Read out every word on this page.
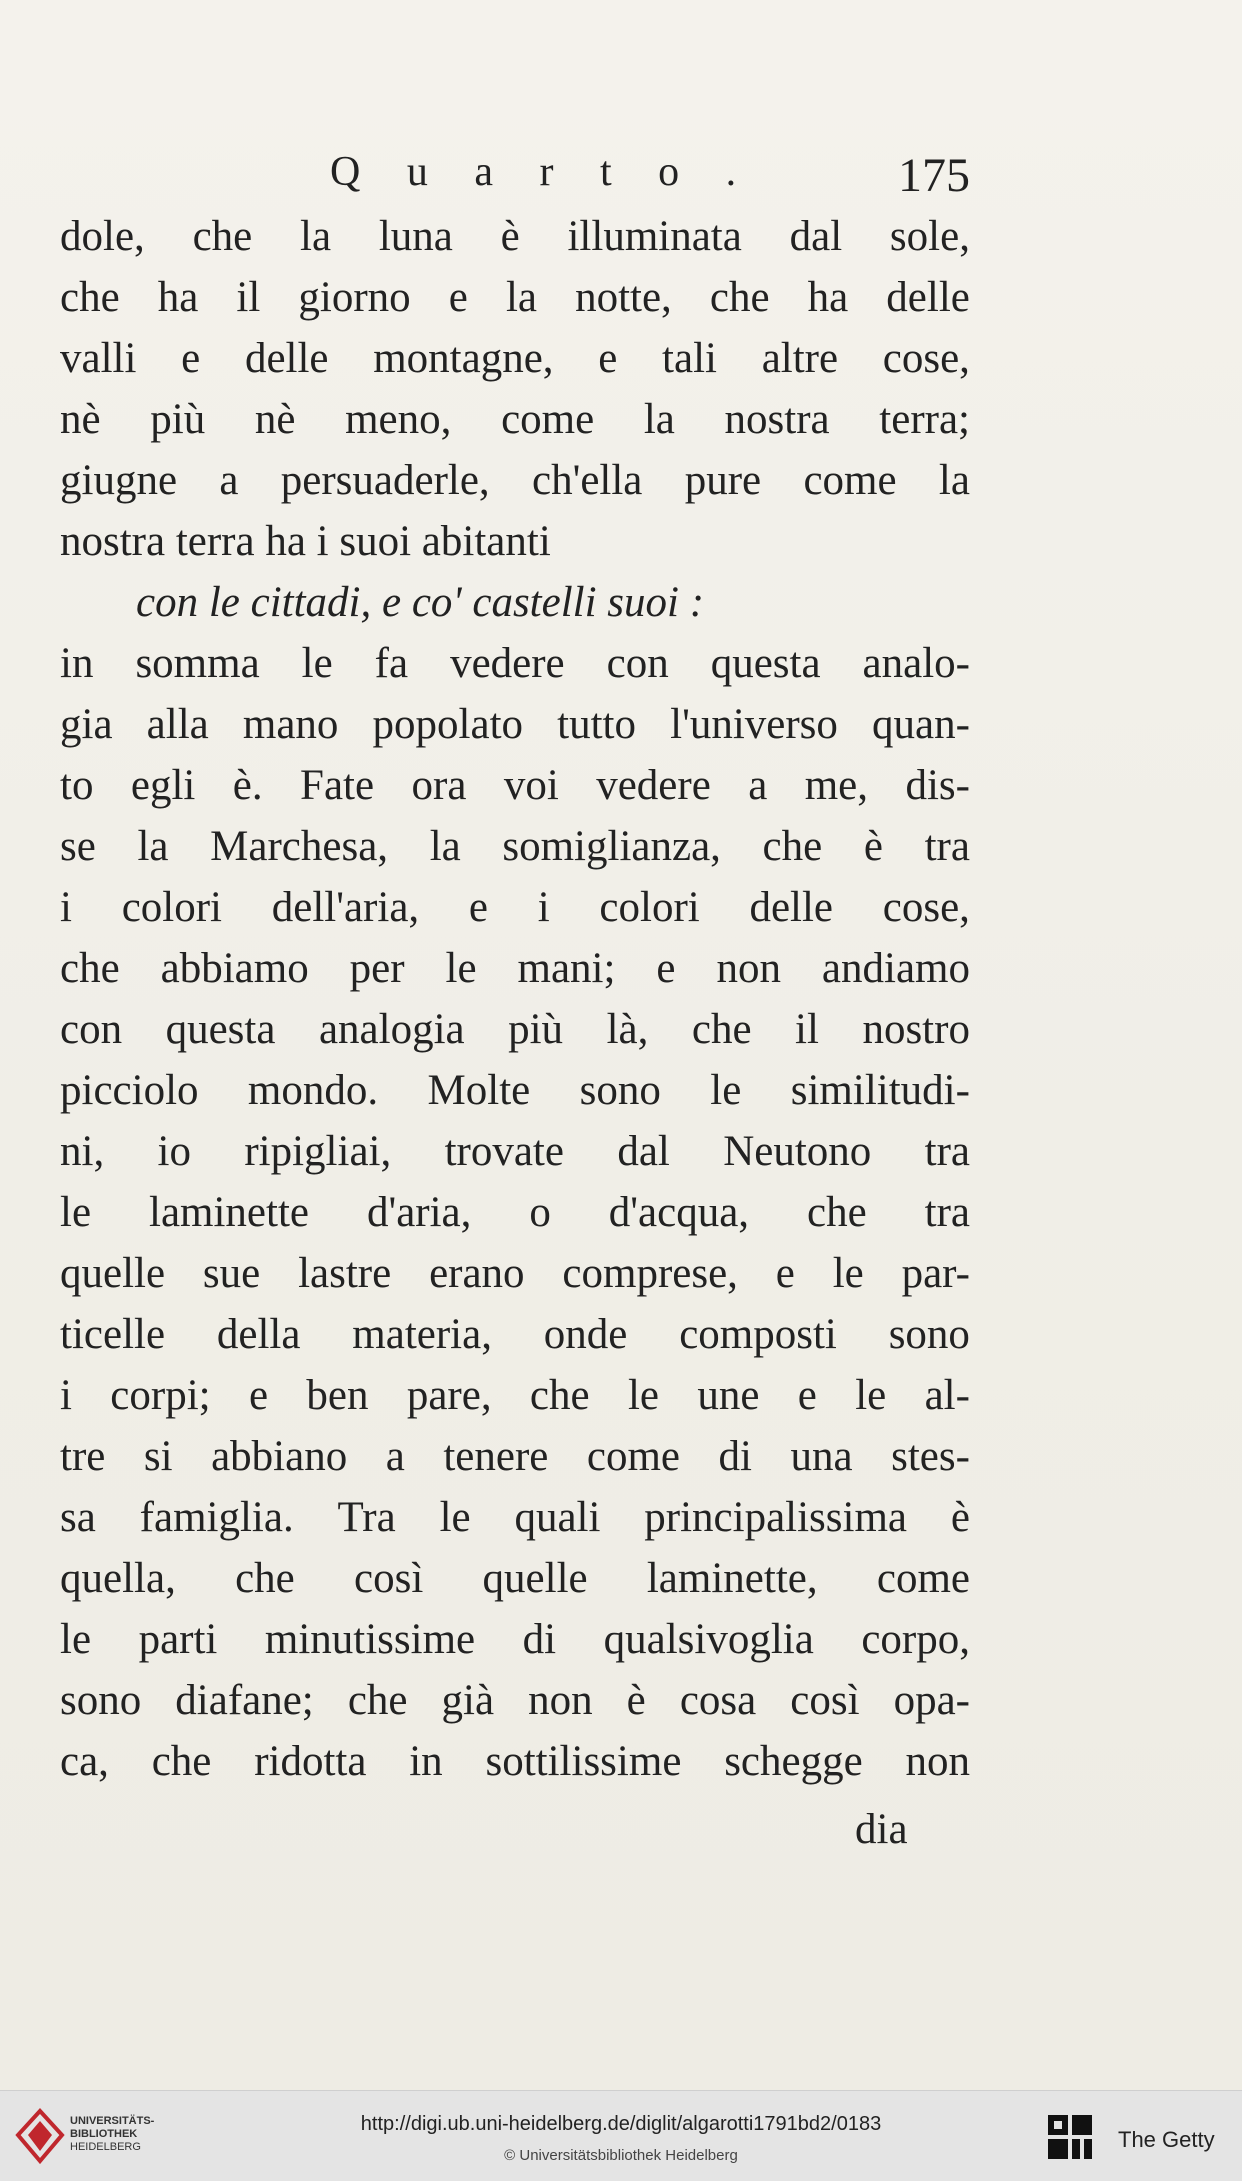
Q u a r t o .	175
dole, che la luna è illuminata dal sole,
che ha il giorno e la notte, che ha delle
valli e delle montagne, e tali altre cose,
nè più nè meno, come la nostra terra;
giugne a persuaderle, ch'ella pure come la
nostra terra ha i suoi abitanti
con le cittadi, e co' castelli suoi :
in somma le fa vedere con questa analo-
gia alla mano popolato tutto l'universo quan-
to egli è. Fate ora voi vedere a me, dis-
se la Marchesa, la somiglianza, che è tra
i colori dell'aria, e i colori delle cose,
che abbiamo per le mani; e non andiamo
con questa analogia più là, che il nostro
picciolo mondo. Molte sono le similitudi-
ni, io ripigliai, trovate dal Neutono tra
le laminette d'aria, o d'acqua, che tra
quelle sue lastre erano comprese, e le par-
ticelle della materia, onde composti sono
i corpi; e ben pare, che le une e le al-
tre si abbiano a tenere come di una stes-
sa famiglia. Tra le quali principalissima è
quella, che così quelle laminette, come
le parti minutissime di qualsivoglia corpo,
sono diafane; che già non è cosa così opa-
ca, che ridotta in sottilissime schegge non
dia
UNIVERSITÄTS-
BIBLIOTHEK
HEIDELBERG
http://digi.ub.uni-heidelberg.de/diglit/algarotti1791bd2/0183
© Universitätsbibliothek Heidelberg
The Getty
